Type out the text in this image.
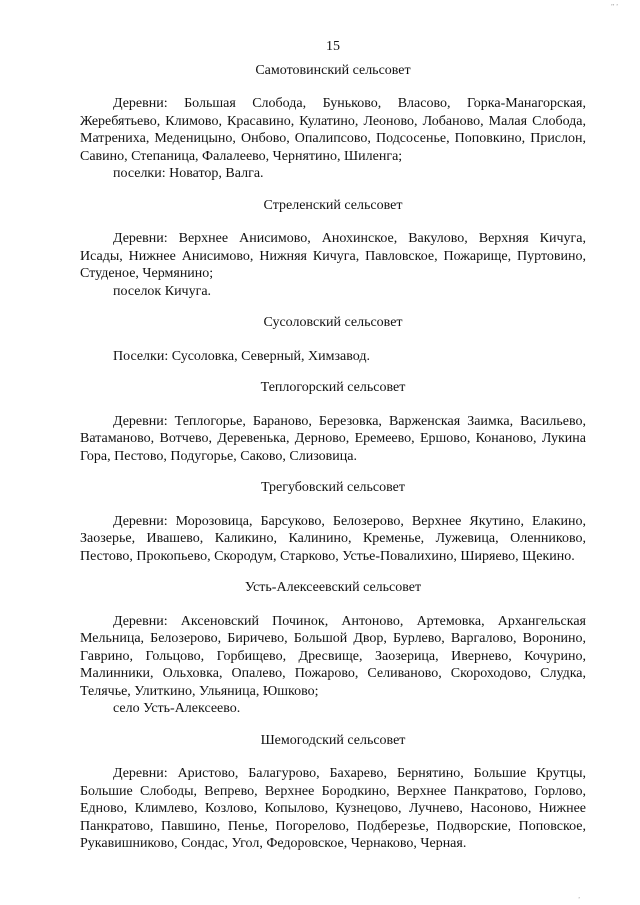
,, ,
15
Самотовинский сельсовет

Деревни: Большая Слобода, Буньково, Власово, Горка-Манагорская, Жеребятьево, Климово, Красавино, Кулатино, Леоново, Лобаново, Малая Слобода, Матрениха, Меденицыно, Онбово, Опалипсово, Подсосенье, Поповкино, Прислон, Савино, Степаница, Фалалеево, Чернятино, Шиленга;

поселки: Новатор, Валга.

Стреленский сельсовет

Деревни: Верхнее Анисимово, Анохинское, Вакулово, Верхняя Кичуга, Исады, Нижнее Анисимово, Нижняя Кичуга, Павловское, Пожарище, Пуртовино, Студеное, Чермянино;

поселок Кичуга.

Сусоловский сельсовет

Поселки: Сусоловка, Северный, Химзавод.

Теплогорский сельсовет

Деревни: Теплогорье, Бараново, Березовка, Варженская Заимка, Васильево, Ватаманово, Вотчево, Деревенька, Дерново, Еремеево, Ершово, Конаново, Лукина Гора, Пестово, Подугорье, Саково, Слизовица.

Трегубовский сельсовет

Деревни: Морозовица, Барсуково, Белозерово, Верхнее Якутино, Елакино, Заозерье, Ивашево, Каликино, Калинино, Кременье, Лужевица, Оленниково, Пестово, Прокопьево, Скородум, Старково, Устье-Повалихино, Ширяево, Щекино.

Усть-Алексеевский сельсовет

Деревни: Аксеновский Починок, Антоново, Артемовка, Архангельская Мельница, Белозерово, Биричево, Большой Двор, Бурлево, Варгалово, Воронино, Гаврино, Гольцово, Горбищево, Дресвище, Заозерица, Ивернево, Кочурино, Малинники, Ольховка, Опалево, Пожарово, Селиваново, Скороходово, Слудка, Телячье, Улиткино, Ульяница, Юшково;

село Усть-Алексеево.

Шемогодский сельсовет

Деревни: Аристово, Балагурово, Бахарево, Бернятино, Большие Крутцы, Большие Слободы, Вепрево, Верхнее Бородкино, Верхнее Панкратово, Горлово, Едново, Климлево, Козлово, Копылово, Кузнецово, Лучнево, Насоново, Нижнее Панкратово, Павшино, Пенье, Погорелово, Подберезье, Подворские, Поповское, Рукавишниково, Сондас, Угол, Федоровское, Чернаково, Черная.

,
